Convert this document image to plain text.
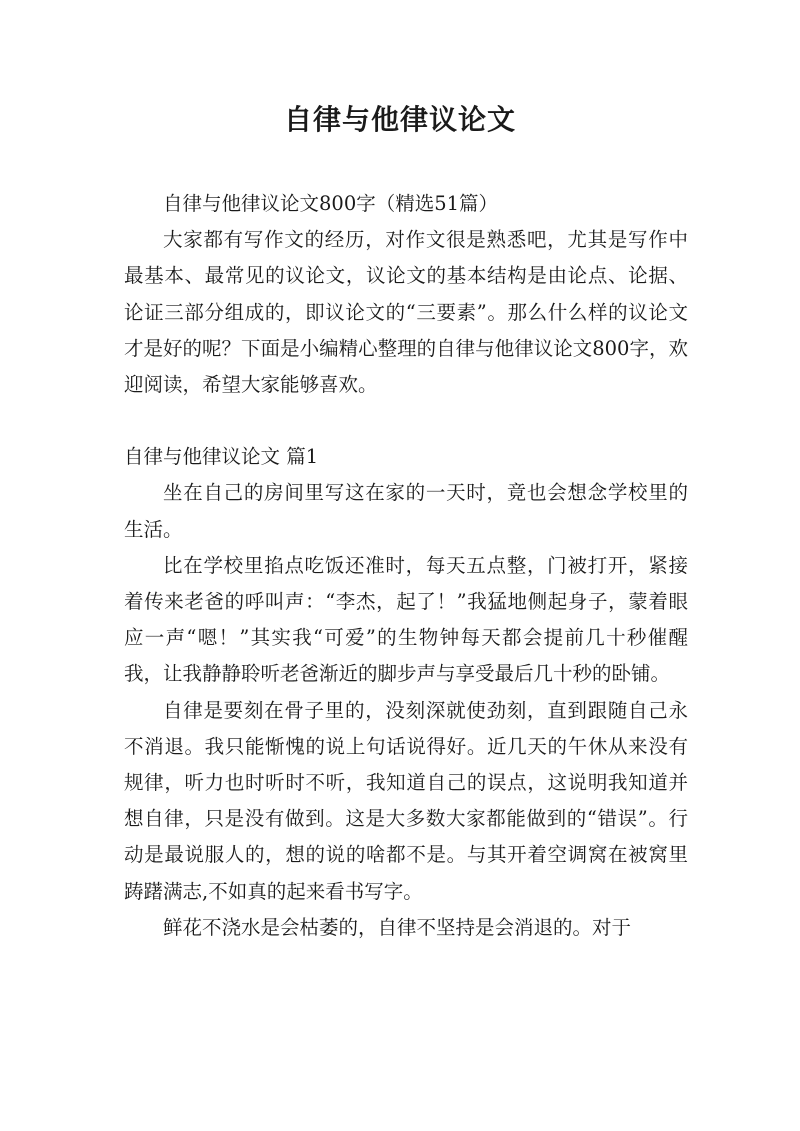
自律与他律议论文

自律与他律议论文800字（精选51篇）

大家都有写作文的经历，对作文很是熟悉吧，尤其是写作中最基本、最常见的议论文，议论文的基本结构是由论点、论据、论证三部分组成的，即议论文的“三要素”。那么什么样的议论文才是好的呢？下面是小编精心整理的自律与他律议论文800字，欢迎阅读，希望大家能够喜欢。

自律与他律议论文 篇1

坐在自己的房间里写这在家的一天时，竟也会想念学校里的生活。

比在学校里掐点吃饭还准时，每天五点整，门被打开，紧接着传来老爸的呼叫声：“李杰，起了！”我猛地侧起身子，蒙着眼应一声“嗯！”其实我“可爱”的生物钟每天都会提前几十秒催醒我，让我静静聆听老爸渐近的脚步声与享受最后几十秒的卧铺。

自律是要刻在骨子里的，没刻深就使劲刻，直到跟随自己永不消退。我只能惭愧的说上句话说得好。近几天的午休从来没有规律，听力也时听时不听，我知道自己的误点，这说明我知道并想自律，只是没有做到。这是大多数大家都能做到的“错误”。行动是最说服人的，想的说的啥都不是。与其开着空调窝在被窝里踌躇满志,不如真的起来看书写字。

鲜花不浇水是会枯萎的，自律不坚持是会消退的。对于
